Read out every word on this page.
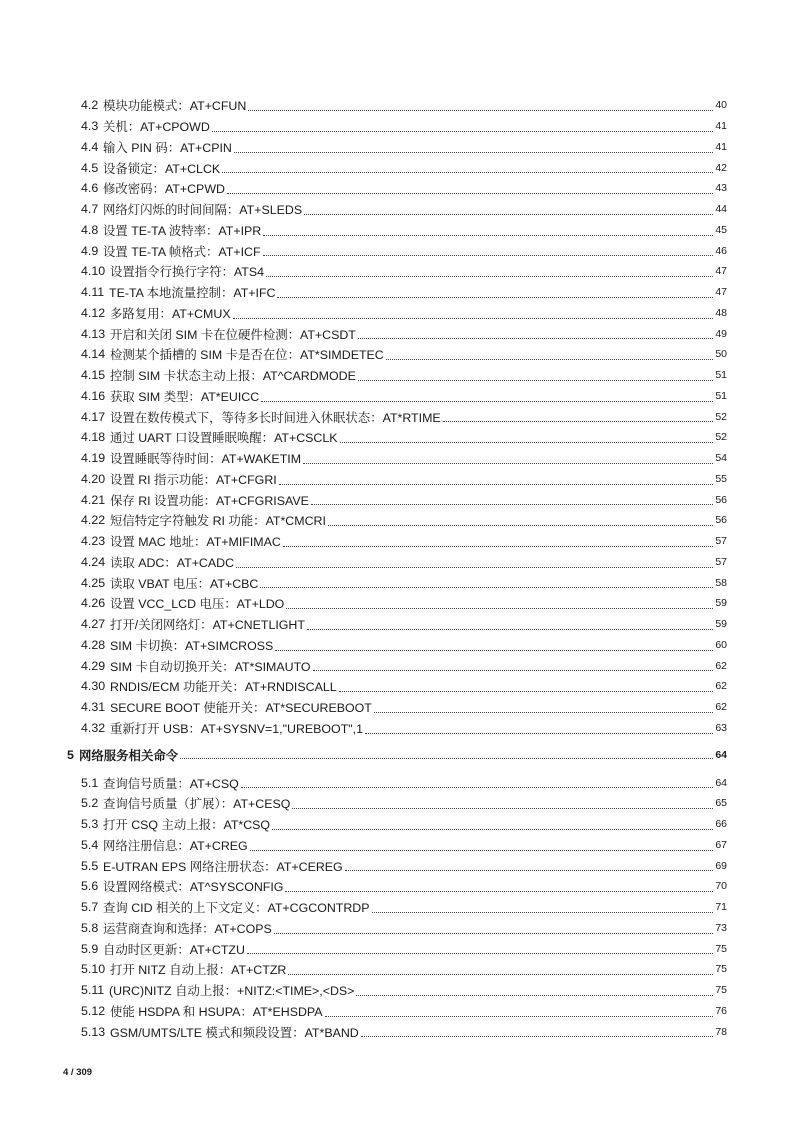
4.2 模块功能模式：AT+CFUN	40
4.3 关机：AT+CPOWD	41
4.4 输入 PIN 码：AT+CPIN	41
4.5 设备锁定：AT+CLCK	42
4.6 修改密码：AT+CPWD	43
4.7 网络灯闪烁的时间间隔：AT+SLEDS	44
4.8 设置 TE-TA 波特率：AT+IPR	45
4.9 设置 TE-TA 帧格式：AT+ICF	46
4.10 设置指令行换行字符：ATS4	47
4.11 TE-TA 本地流量控制：AT+IFC	47
4.12 多路复用：AT+CMUX	48
4.13 开启和关闭 SIM 卡在位硬件检测：AT+CSDT	49
4.14 检测某个插槽的 SIM 卡是否在位：AT*SIMDETEC	50
4.15 控制 SIM 卡状态主动上报：AT^CARDMODE	51
4.16 获取 SIM 类型：AT*EUICC	51
4.17 设置在数传模式下，等待多长时间进入休眠状态：AT*RTIME	52
4.18 通过 UART 口设置睡眠唤醒：AT+CSCLK	52
4.19 设置睡眠等待时间：AT+WAKETIM	54
4.20 设置 RI 指示功能：AT+CFGRI	55
4.21 保存 RI 设置功能：AT+CFGRISAVE	56
4.22 短信特定字符触发 RI 功能：AT*CMCRI	56
4.23 设置 MAC 地址：AT+MIFIMAC	57
4.24 读取 ADC：AT+CADC	57
4.25 读取 VBAT 电压：AT+CBC	58
4.26 设置 VCC_LCD 电压：AT+LDO	59
4.27 打开/关闭网络灯：AT+CNETLIGHT	59
4.28 SIM 卡切换：AT+SIMCROSS	60
4.29 SIM 卡自动切换开关：AT*SIMAUTO	62
4.30 RNDIS/ECM 功能开关：AT+RNDISCALL	62
4.31 SECURE BOOT 使能开关：AT*SECUREBOOT	62
4.32 重新打开 USB：AT+SYSNV=1,"UREBOOT",1	63
5 网络服务相关命令	64
5.1 查询信号质量：AT+CSQ	64
5.2 查询信号质量（扩展）：AT+CESQ	65
5.3 打开 CSQ 主动上报：AT*CSQ	66
5.4 网络注册信息：AT+CREG	67
5.5 E-UTRAN EPS 网络注册状态：AT+CEREG	69
5.6 设置网络模式：AT^SYSCONFIG	70
5.7 查询 CID 相关的上下文定义：AT+CGCONTRDP	71
5.8 运营商查询和选择：AT+COPS	73
5.9 自动时区更新：AT+CTZU	75
5.10 打开 NITZ 自动上报：AT+CTZR	75
5.11 (URC)NITZ 自动上报：+NITZ:<TIME>,<DS>	75
5.12 使能 HSDPA 和 HSUPA：AT*EHSDPA	76
5.13 GSM/UMTS/LTE 模式和频段设置：AT*BAND	78
4 / 309
